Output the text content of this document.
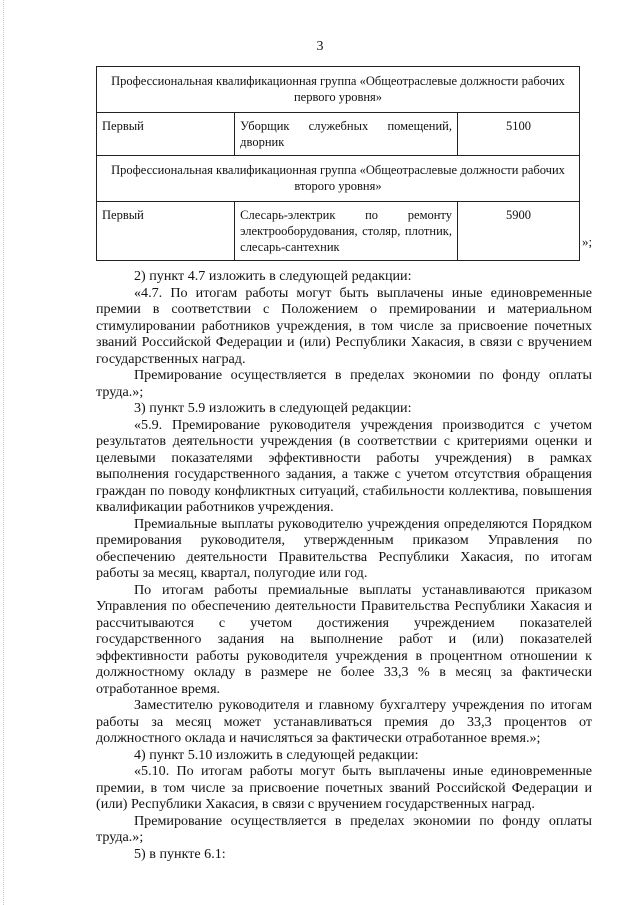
3
Профессиональная квалификационная группа «Общеотраслевые должности рабочих первого уровня»		
Первый	Уборщик служебных помещений, дворник	5100
Профессиональная квалификационная группа «Общеотраслевые должности рабочих второго уровня»		
Первый	Слесарь-электрик по ремонту электрооборудования, столяр, плотник, слесарь-сантехник	5900
»;

2) пункт 4.7 изложить в следующей редакции:

«4.7. По итогам работы могут быть выплачены иные единовременные премии в соответствии с Положением о премировании и материальном стимулировании работников учреждения, в том числе за присвоение почетных званий Российской Федерации и (или) Республики Хакасия, в связи с вручением государственных наград.

Премирование осуществляется в пределах экономии по фонду оплаты труда.»;

3) пункт 5.9 изложить в следующей редакции:

«5.9. Премирование руководителя учреждения производится с учетом результатов деятельности учреждения (в соответствии с критериями оценки и целевыми показателями эффективности работы учреждения) в рамках выполнения государственного задания, а также с учетом отсутствия обращения граждан по поводу конфликтных ситуаций, стабильности коллектива, повышения квалификации работников учреждения.

Премиальные выплаты руководителю учреждения определяются Порядком премирования руководителя, утвержденным приказом Управления по обеспечению деятельности Правительства Республики Хакасия, по итогам работы за месяц, квартал, полугодие или год.

По итогам работы премиальные выплаты устанавливаются приказом Управления по обеспечению деятельности Правительства Республики Хакасия и рассчитываются с учетом достижения учреждением показателей государственного задания на выполнение работ и (или) показателей эффективности работы руководителя учреждения в процентном отношении к должностному окладу в размере не более 33,3 % в месяц за фактически отработанное время.

Заместителю руководителя и главному бухгалтеру учреждения по итогам работы за месяц может устанавливаться премия до 33,3 процентов от должностного оклада и начисляться за фактически отработанное время.»;

4) пункт 5.10 изложить в следующей редакции:

«5.10. По итогам работы могут быть выплачены иные единовременные премии, в том числе за присвоение почетных званий Российской Федерации и (или) Республики Хакасия, в связи с вручением государственных наград.

Премирование осуществляется в пределах экономии по фонду оплаты труда.»;

5) в пункте 6.1:
